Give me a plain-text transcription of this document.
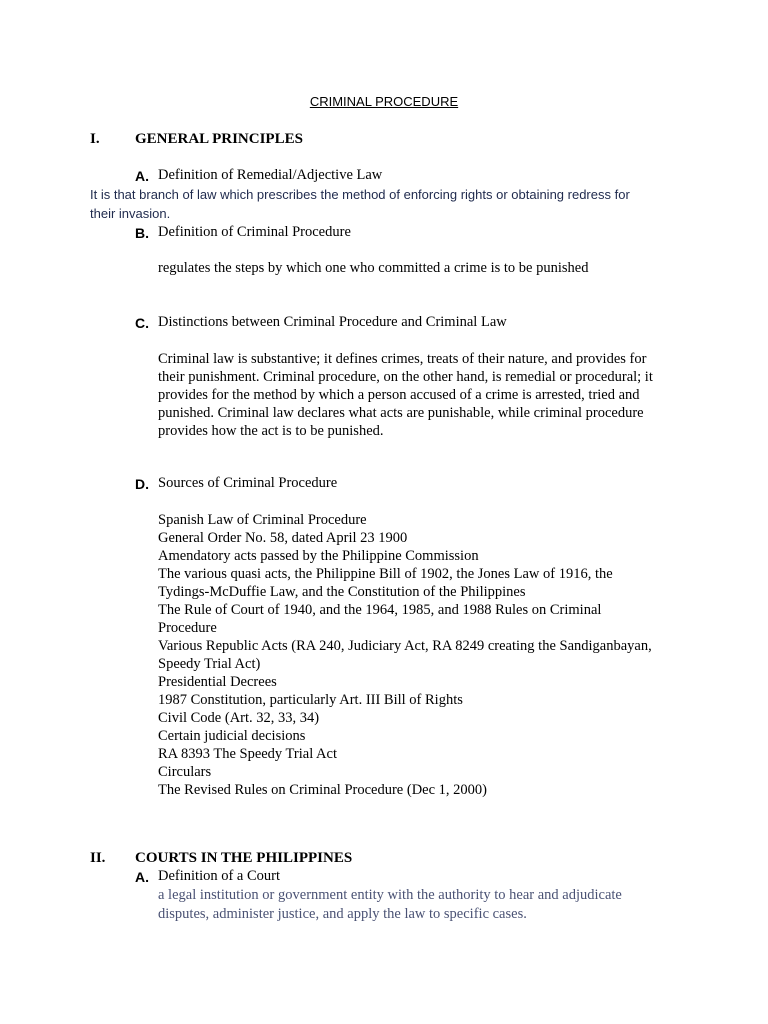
CRIMINAL PROCEDURE
I. GENERAL PRINCIPLES
A. Definition of Remedial/Adjective Law
It is that branch of law which prescribes the method of enforcing rights or obtaining redress for
their invasion.
B. Definition of Criminal Procedure
regulates the steps by which one who committed a crime is to be punished
C. Distinctions between Criminal Procedure and Criminal Law
Criminal law is substantive; it defines crimes, treats of their nature, and provides for
their punishment. Criminal procedure, on the other hand, is remedial or procedural; it
provides for the method by which a person accused of a crime is arrested, tried and
punished. Criminal law declares what acts are punishable, while criminal procedure
provides how the act is to be punished.
D. Sources of Criminal Procedure
Spanish Law of Criminal Procedure
General Order No. 58, dated April 23 1900
Amendatory acts passed by the Philippine Commission
The various quasi acts, the Philippine Bill of 1902, the Jones Law of 1916, the
Tydings-McDuffie Law, and the Constitution of the Philippines
The Rule of Court of 1940, and the 1964, 1985, and 1988 Rules on Criminal
Procedure
Various Republic Acts (RA 240, Judiciary Act, RA 8249 creating the Sandiganbayan,
Speedy Trial Act)
Presidential Decrees
1987 Constitution, particularly Art. III Bill of Rights
Civil Code (Art. 32, 33, 34)
Certain judicial decisions
RA 8393 The Speedy Trial Act
Circulars
The Revised Rules on Criminal Procedure (Dec 1, 2000)
II. COURTS IN THE PHILIPPINES
A. Definition of a Court
a legal institution or government entity with the authority to hear and adjudicate
disputes, administer justice, and apply the law to specific cases.
